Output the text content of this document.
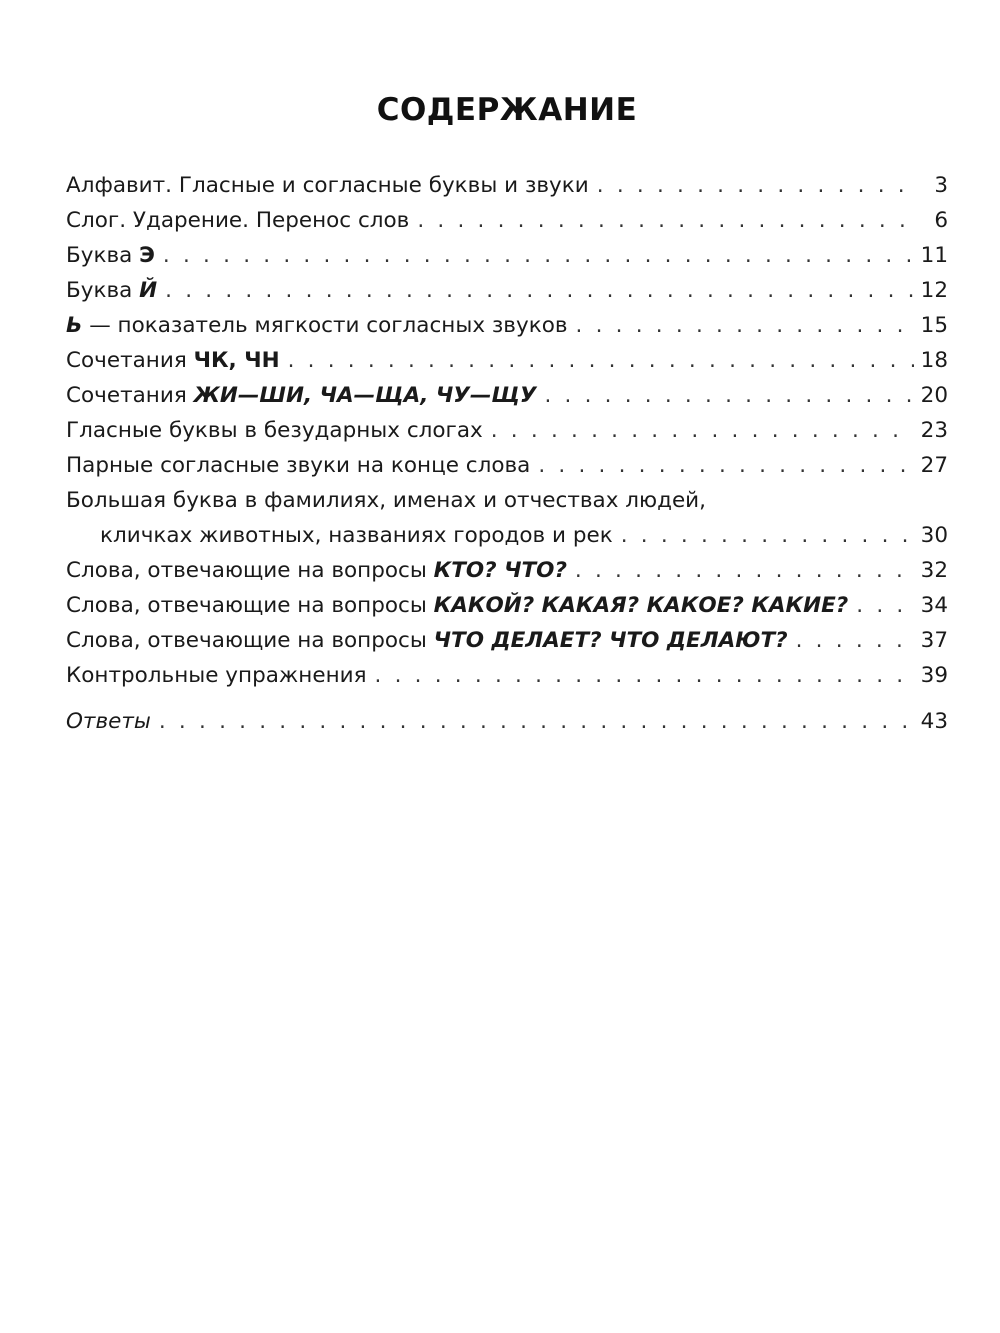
СОДЕРЖАНИЕ
Алфавит. Гласные и согласные буквы и звуки . . .	3
Слог. Ударение. Перенос слов . . .	6
Буква Э . . .	11
Буква Й . . .	12
Ь — показатель мягкости согласных звуков . . .	15
Сочетания ЧК, ЧН . . .	18
Сочетания ЖИ—ШИ, ЧА—ЩА, ЧУ—ЩУ . . .	20
Гласные буквы в безударных слогах . . .	23
Парные согласные звуки на конце слова . . .	27
Большая буква в фамилиях, именах и отчествах людей,
кличках животных, названиях городов и рек . . .	30
Слова, отвечающие на вопросы КТО? ЧТО? . . .	32
Слова, отвечающие на вопросы КАКОЙ? КАКАЯ? КАКОЕ? КАКИЕ? . . .	34
Слова, отвечающие на вопросы ЧТО ДЕЛАЕТ? ЧТО ДЕЛАЮТ? . . .	37
Контрольные упражнения . . .	39
Ответы . . .	43
